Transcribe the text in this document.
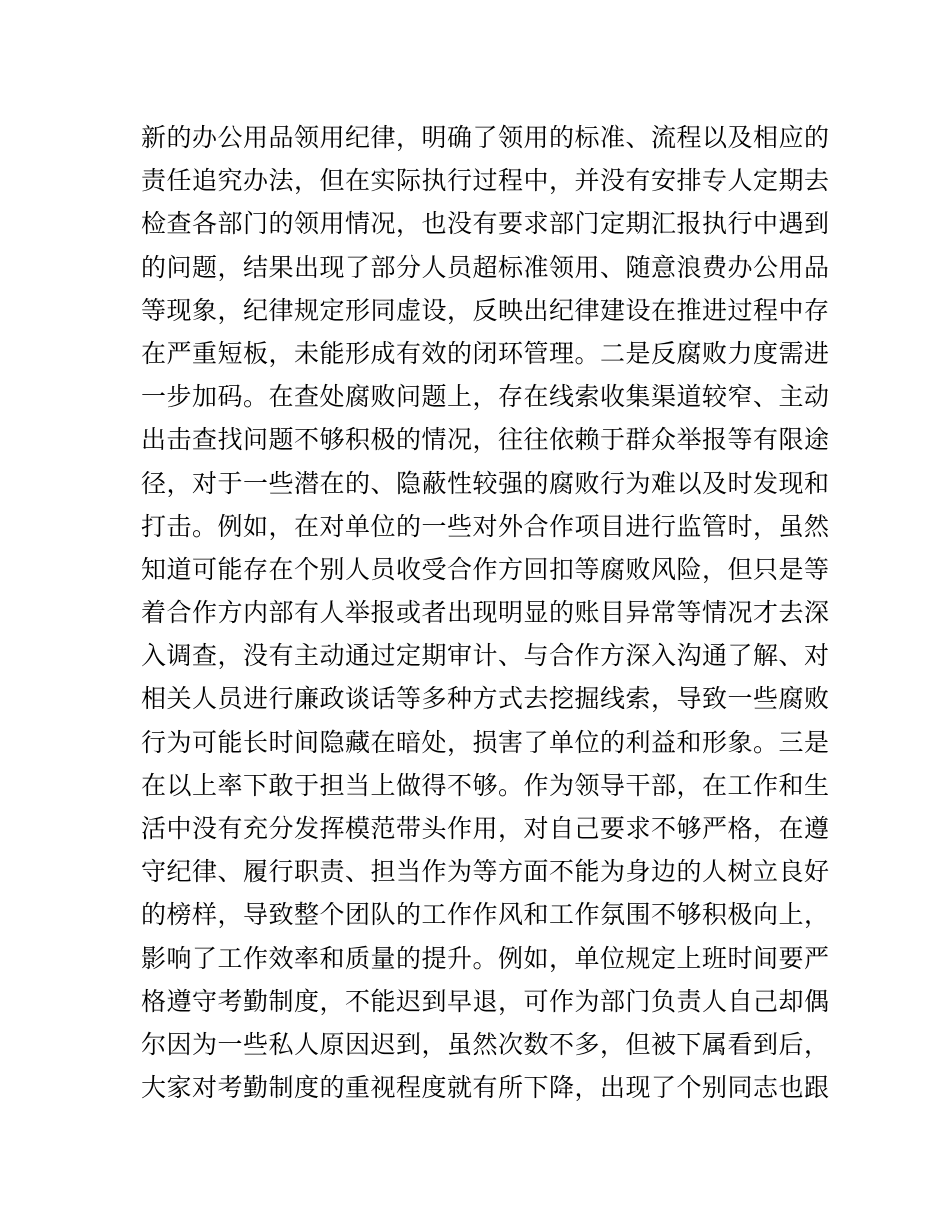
新的办公用品领用纪律，明确了领用的标准、流程以及相应的
责任追究办法，但在实际执行过程中，并没有安排专人定期去
检查各部门的领用情况，也没有要求部门定期汇报执行中遇到
的问题，结果出现了部分人员超标准领用、随意浪费办公用品
等现象，纪律规定形同虚设，反映出纪律建设在推进过程中存
在严重短板，未能形成有效的闭环管理。二是反腐败力度需进
一步加码。在查处腐败问题上，存在线索收集渠道较窄、主动
出击查找问题不够积极的情况，往往依赖于群众举报等有限途
径，对于一些潜在的、隐蔽性较强的腐败行为难以及时发现和
打击。例如，在对单位的一些对外合作项目进行监管时，虽然
知道可能存在个别人员收受合作方回扣等腐败风险，但只是等
着合作方内部有人举报或者出现明显的账目异常等情况才去深
入调查，没有主动通过定期审计、与合作方深入沟通了解、对
相关人员进行廉政谈话等多种方式去挖掘线索，导致一些腐败
行为可能长时间隐藏在暗处，损害了单位的利益和形象。三是
在以上率下敢于担当上做得不够。作为领导干部，在工作和生
活中没有充分发挥模范带头作用，对自己要求不够严格，在遵
守纪律、履行职责、担当作为等方面不能为身边的人树立良好
的榜样，导致整个团队的工作作风和工作氛围不够积极向上，
影响了工作效率和质量的提升。例如，单位规定上班时间要严
格遵守考勤制度，不能迟到早退，可作为部门负责人自己却偶
尔因为一些私人原因迟到，虽然次数不多，但被下属看到后，
大家对考勤制度的重视程度就有所下降，出现了个别同志也跟
